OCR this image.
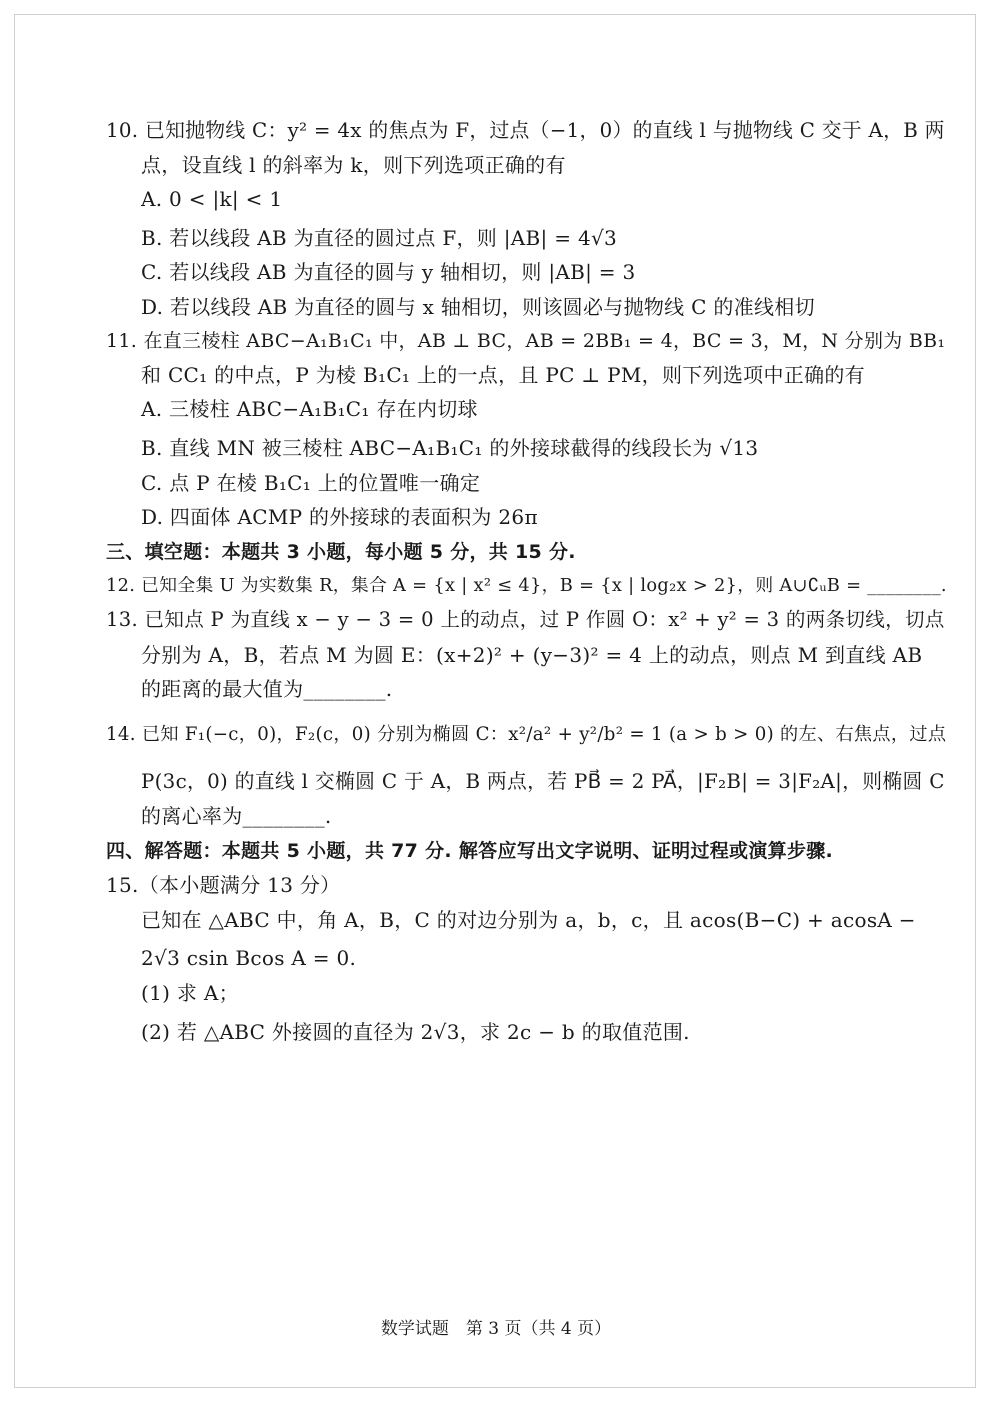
10. 已知抛物线 C：y² = 4x 的焦点为 F，过点（−1，0）的直线 l 与抛物线 C 交于 A，B 两
点，设直线 l 的斜率为 k，则下列选项正确的有
A. 0 < |k| < 1
B. 若以线段 AB 为直径的圆过点 F，则 |AB| = 4√3
C. 若以线段 AB 为直径的圆与 y 轴相切，则 |AB| = 3
D. 若以线段 AB 为直径的圆与 x 轴相切，则该圆必与抛物线 C 的准线相切
11. 在直三棱柱 ABC−A₁B₁C₁ 中，AB ⊥ BC，AB = 2BB₁ = 4，BC = 3，M，N 分别为 BB₁
和 CC₁ 的中点，P 为棱 B₁C₁ 上的一点，且 PC ⊥ PM，则下列选项中正确的有
A. 三棱柱 ABC−A₁B₁C₁ 存在内切球
B. 直线 MN 被三棱柱 ABC−A₁B₁C₁ 的外接球截得的线段长为 √13
C. 点 P 在棱 B₁C₁ 上的位置唯一确定
D. 四面体 ACMP 的外接球的表面积为 26π
三、填空题：本题共 3 小题，每小题 5 分，共 15 分.
12. 已知全集 U 为实数集 R，集合 A = {x | x² ≤ 4}，B = {x | log₂x > 2}，则 A∪∁ᵤB = ________.
13. 已知点 P 为直线 x − y − 3 = 0 上的动点，过 P 作圆 O：x² + y² = 3 的两条切线，切点
分别为 A，B，若点 M 为圆 E：(x+2)² + (y−3)² = 4 上的动点，则点 M 到直线 AB
的距离的最大值为________.
14. 已知 F₁(−c，0)，F₂(c，0) 分别为椭圆 C：x²/a² + y²/b² = 1 (a > b > 0) 的左、右焦点，过点
P(3c，0) 的直线 l 交椭圆 C 于 A，B 两点，若 PB⃗ = 2 PA⃗，|F₂B| = 3|F₂A|，则椭圆 C
的离心率为________.
四、解答题：本题共 5 小题，共 77 分. 解答应写出文字说明、证明过程或演算步骤.
15.（本小题满分 13 分）
已知在 △ABC 中，角 A，B，C 的对边分别为 a，b，c，且 acos(B−C) + acosA −
2√3 csin Bcos A = 0.
(1) 求 A；
(2) 若 △ABC 外接圆的直径为 2√3，求 2c − b 的取值范围.
数学试题　第 3 页（共 4 页）
